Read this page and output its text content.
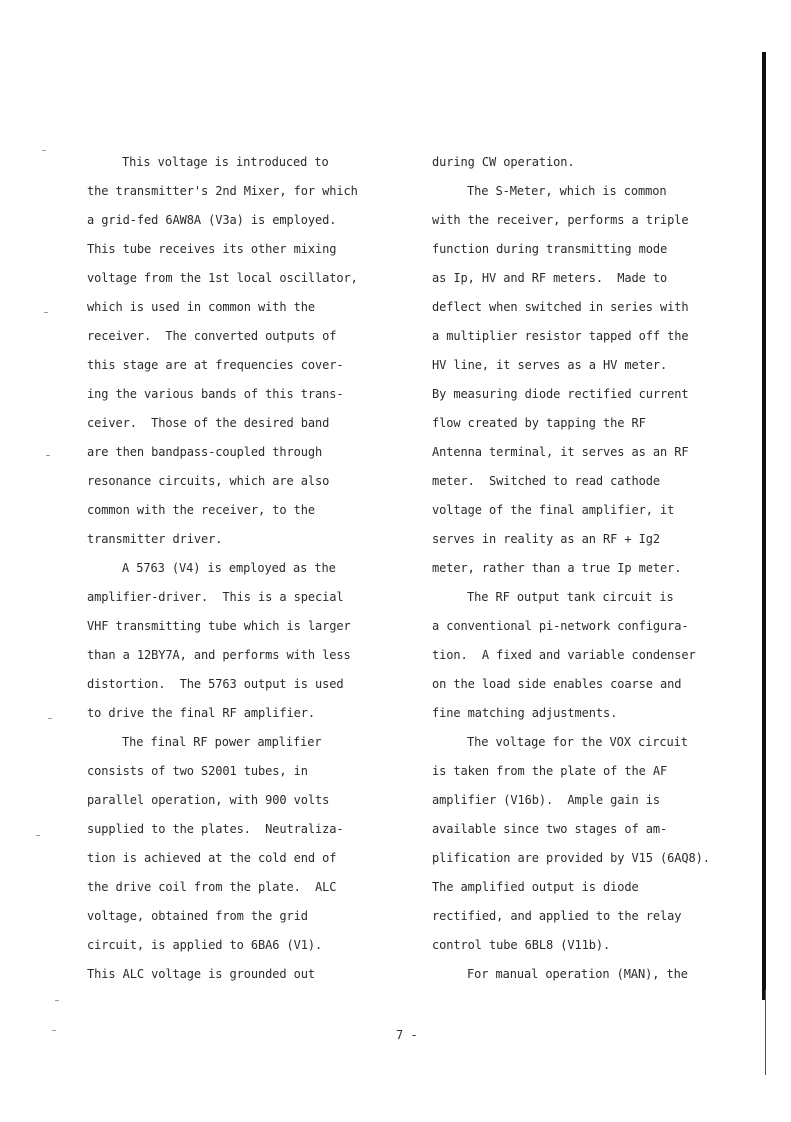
This voltage is introduced to
the transmitter's 2nd Mixer, for which
a grid-fed 6AW8A (V3a) is employed.
This tube receives its other mixing
voltage from the 1st local oscillator,
which is used in common with the
receiver.  The converted outputs of
this stage are at frequencies cover-
ing the various bands of this trans-
ceiver.  Those of the desired band
are then bandpass-coupled through
resonance circuits, which are also
common with the receiver, to the
transmitter driver.
A 5763 (V4) is employed as the
amplifier-driver.  This is a special
VHF transmitting tube which is larger
than a 12BY7A, and performs with less
distortion.  The 5763 output is used
to drive the final RF amplifier.
The final RF power amplifier
consists of two S2001 tubes, in
parallel operation, with 900 volts
supplied to the plates.  Neutraliza-
tion is achieved at the cold end of
the drive coil from the plate.  ALC
voltage, obtained from the grid
circuit, is applied to 6BA6 (V1).
This ALC voltage is grounded out
during CW operation.
The S-Meter, which is common
with the receiver, performs a triple
function during transmitting mode
as Ip, HV and RF meters.  Made to
deflect when switched in series with
a multiplier resistor tapped off the
HV line, it serves as a HV meter.
By measuring diode rectified current
flow created by tapping the RF
Antenna terminal, it serves as an RF
meter.  Switched to read cathode
voltage of the final amplifier, it
serves in reality as an RF + Ig2
meter, rather than a true Ip meter.
The RF output tank circuit is
a conventional pi-network configura-
tion.  A fixed and variable condenser
on the load side enables coarse and
fine matching adjustments.
The voltage for the VOX circuit
is taken from the plate of the AF
amplifier (V16b).  Ample gain is
available since two stages of am-
plification are provided by V15 (6AQ8).
The amplified output is diode
rectified, and applied to the relay
control tube 6BL8 (V11b).
For manual operation (MAN), the
7 -
